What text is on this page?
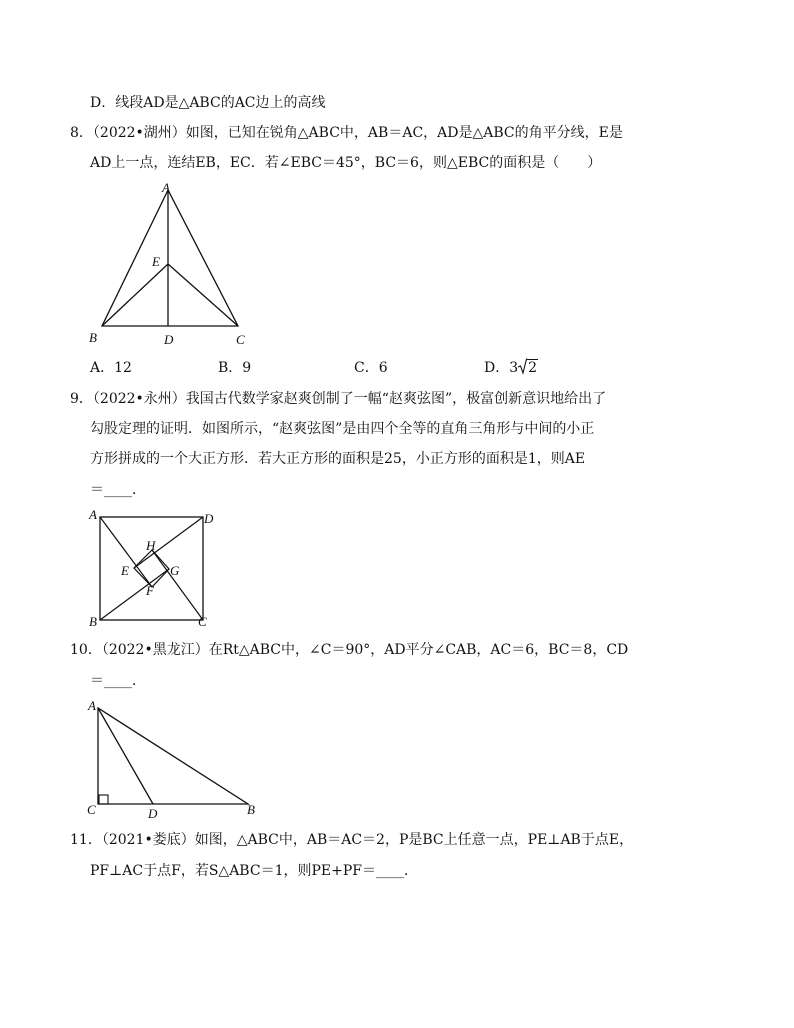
D．线段AD是△ABC的AC边上的高线
8．（2022•湖州）如图，已知在锐角△ABC中，AB＝AC，AD是△ABC的角平分线，E是
AD上一点，连结EB，EC．若∠EBC＝45°，BC＝6，则△EBC的面积是（　　）
A
E
B	D	C
A．12	B．9	C．6	D．3 2
9．（2022•永州）我国古代数学家赵爽创制了一幅“赵爽弦图”，极富创新意识地给出了
勾股定理的证明．如图所示，“赵爽弦图”是由四个全等的直角三角形与中间的小正
方形拼成的一个大正方形．若大正方形的面积是25，小正方形的面积是1，则AE
＝____．
A	D
H
E	G
F
B	C
10．（2022•黑龙江）在Rt△ABC中，∠C＝90°，AD平分∠CAB，AC＝6，BC＝8，CD
＝____．
A
C	D	B
11．（2021•娄底）如图，△ABC中，AB＝AC＝2，P是BC上任意一点，PE⊥AB于点E，
PF⊥AC于点F，若S△ABC＝1，则PE+PF＝____．
